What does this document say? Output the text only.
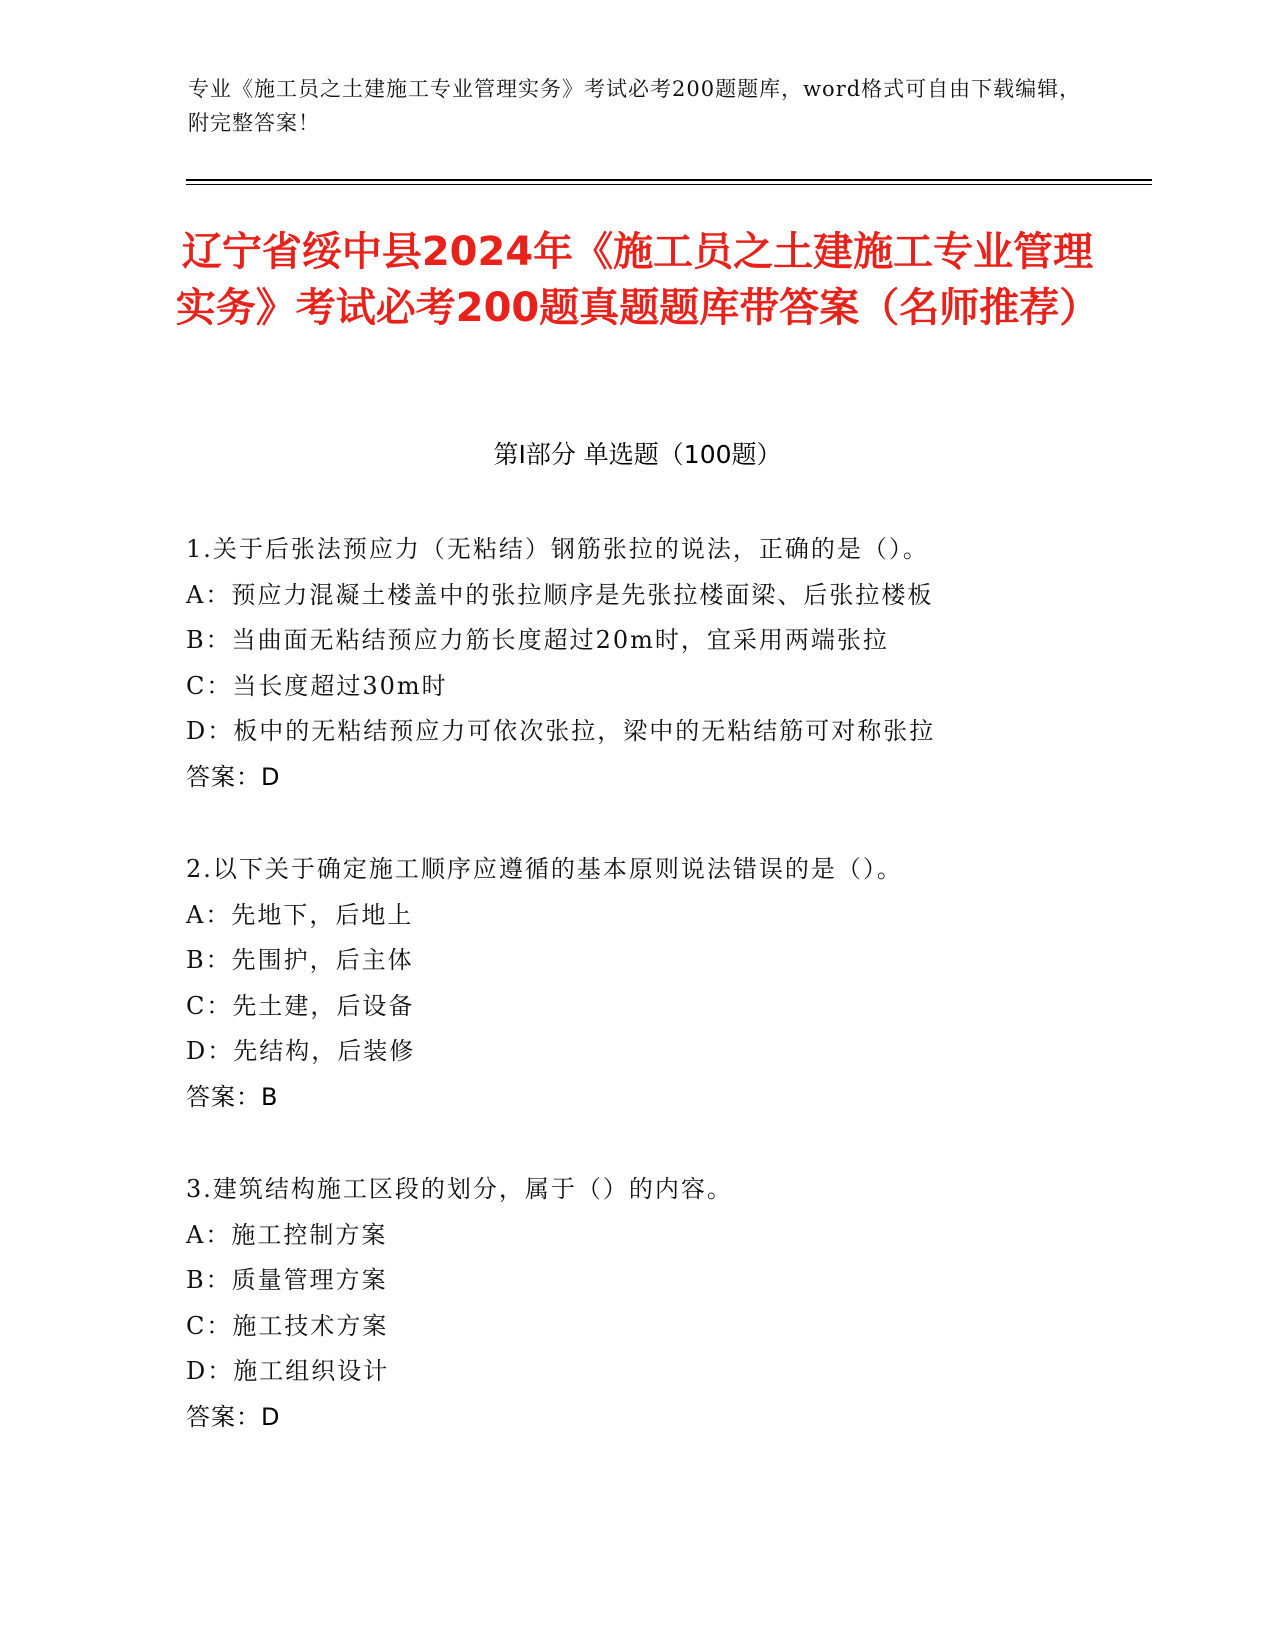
专业《施工员之土建施工专业管理实务》考试必考200题题库，word格式可自由下载编辑，附完整答案！
辽宁省绥中县2024年《施工员之土建施工专业管理实务》考试必考200题真题题库带答案（名师推荐）
第Ⅰ部分 单选题（100题）
1.关于后张法预应力（无粘结）钢筋张拉的说法，正确的是（）。
A：预应力混凝土楼盖中的张拉顺序是先张拉楼面梁、后张拉楼板
B：当曲面无粘结预应力筋长度超过20m时，宜采用两端张拉
C：当长度超过30m时
D：板中的无粘结预应力可依次张拉，梁中的无粘结筋可对称张拉
答案：D
2.以下关于确定施工顺序应遵循的基本原则说法错误的是（）。
A：先地下，后地上
B：先围护，后主体
C：先土建，后设备
D：先结构，后装修
答案：B
3.建筑结构施工区段的划分，属于（）的内容。
A：施工控制方案
B：质量管理方案
C：施工技术方案
D：施工组织设计
答案：D
